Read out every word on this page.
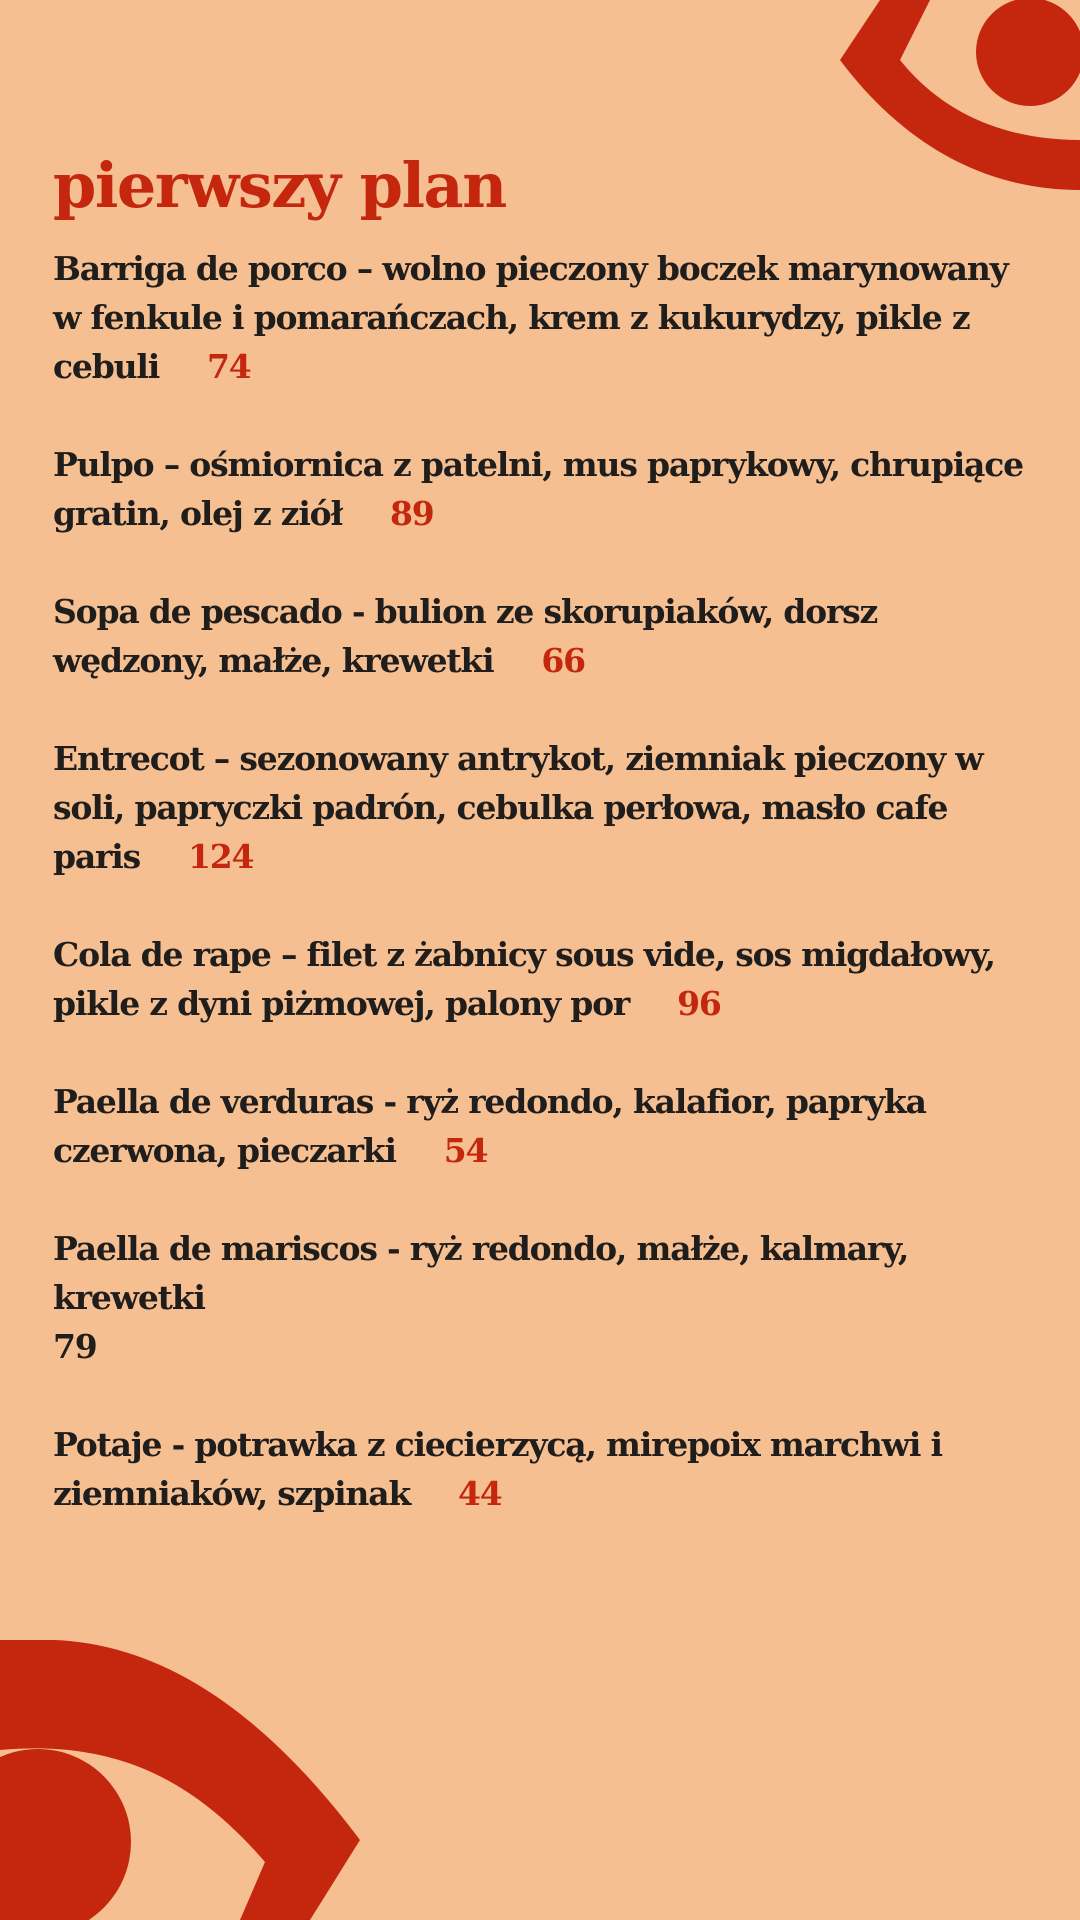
pierwszy plan
Barriga de porco – wolno pieczony boczek marynowany w fenkule i pomarańczach, krem z kukurydzy, pikle z cebuli 74
Pulpo – ośmiornica z patelni, mus paprykowy, chrupiące gratin, olej z ziół 89
Sopa de pescado - bulion ze skorupiaków, dorsz wędzony, małże, krewetki 66
Entrecot – sezonowany antrykot, ziemniak pieczony w soli, papryczki padrón, cebulka perłowa, masło cafe paris 124
Cola de rape – filet z żabnicy sous vide, sos migdałowy, pikle z dyni piżmowej, palony por 96
Paella de verduras - ryż redondo, kalafior, papryka czerwona, pieczarki 54
Paella de mariscos - ryż redondo, małże, kalmary, krewetki
79
Potaje - potrawka z ciecierzycą, mirepoix marchwi i ziemniaków, szpinak 44
